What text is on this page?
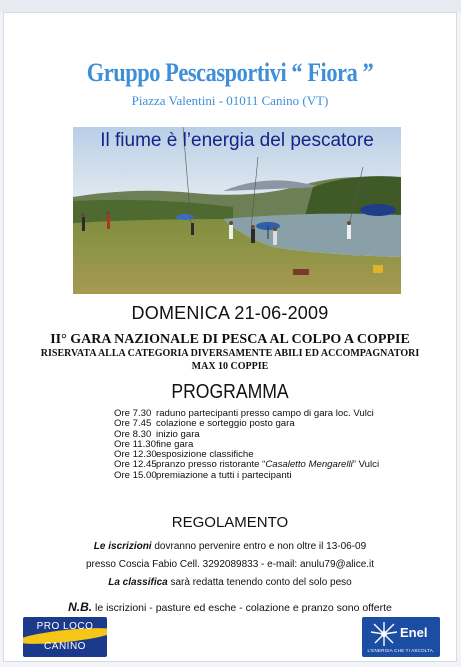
Gruppo Pescasportivi “ Fiora ”
Piazza Valentini - 01011 Canino (VT)
Il fiume è l’energia del pescatore
DOMENICA 21-06-2009
II° GARA NAZIONALE DI PESCA AL COLPO A COPPIE
RISERVATA ALLA CATEGORIA DIVERSAMENTE ABILI ED ACCOMPAGNATORI
MAX 10 COPPIE
PROGRAMMA
Ore 7.30 raduno partecipanti presso campo di gara loc. Vulci
Ore 7.45 colazione e sorteggio posto gara
Ore 8.30 inizio gara
Ore 11.30 fine gara
Ore 12.30 esposizione classifiche
Ore 12.45 pranzo presso ristorante “Casaletto Mengarelli” Vulci
Ore 15.00 premiazione a tutti i partecipanti
REGOLAMENTO
Le iscrizioni dovranno pervenire entro e non oltre il 13-06-09
presso Coscia Fabio Cell. 3292089833 - e-mail: anulu79@alice.it
La classifica sarà redatta tenendo conto del solo peso
N.B. le iscrizioni - pasture ed esche - colazione e pranzo sono offerte
PRO LOCO
CANINO
Enel
L'ENERGIA CHE TI ASCOLTA.
